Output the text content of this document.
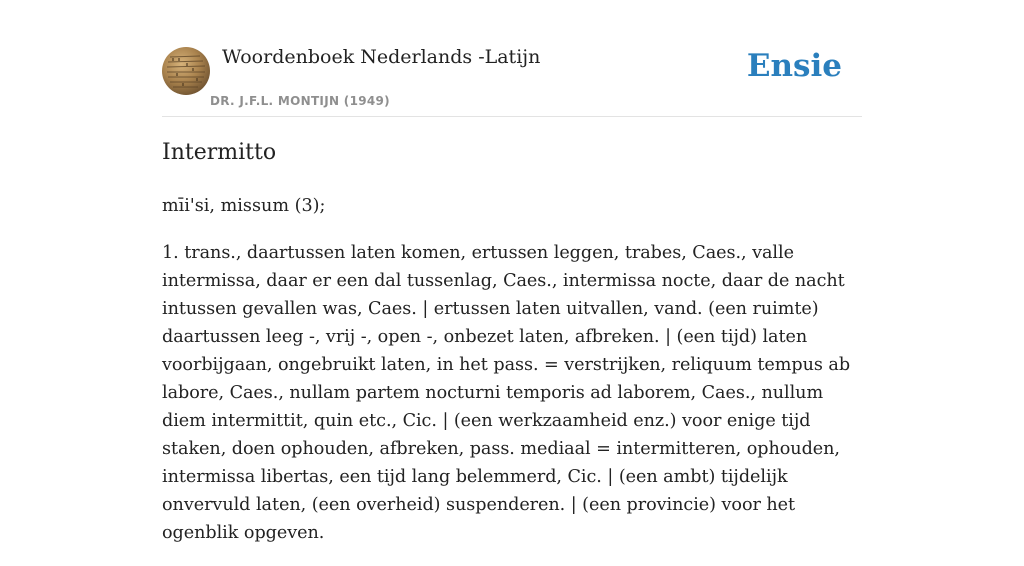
Woordenboek Nederlands -Latijn
DR. J.F.L. MONTIJN (1949)
Ensie
Intermitto

mīi'si, missum (3);

1. trans., daartussen laten komen, ertussen leggen, trabes, Caes., valle intermissa, daar er een dal tussenlag, Caes., intermissa nocte, daar de nacht intussen gevallen was, Caes. | ertussen laten uitvallen, vand. (een ruimte) daartussen leeg -, vrij -, open -, onbezet laten, afbreken. | (een tijd) laten voorbijgaan, ongebruikt laten, in het pass. = verstrijken, reliquum tempus ab labore, Caes., nullam partem nocturni temporis ad laborem, Caes., nullum diem intermittit, quin etc., Cic. | (een werkzaamheid enz.) voor enige tijd staken, doen ophouden, afbreken, pass. mediaal = intermitteren, ophouden, intermissa libertas, een tijd lang belemmerd, Cic. | (een ambt) tijdelijk onvervuld laten, (een overheid) suspenderen. | (een provincie) voor het ogenblik opgeven.
